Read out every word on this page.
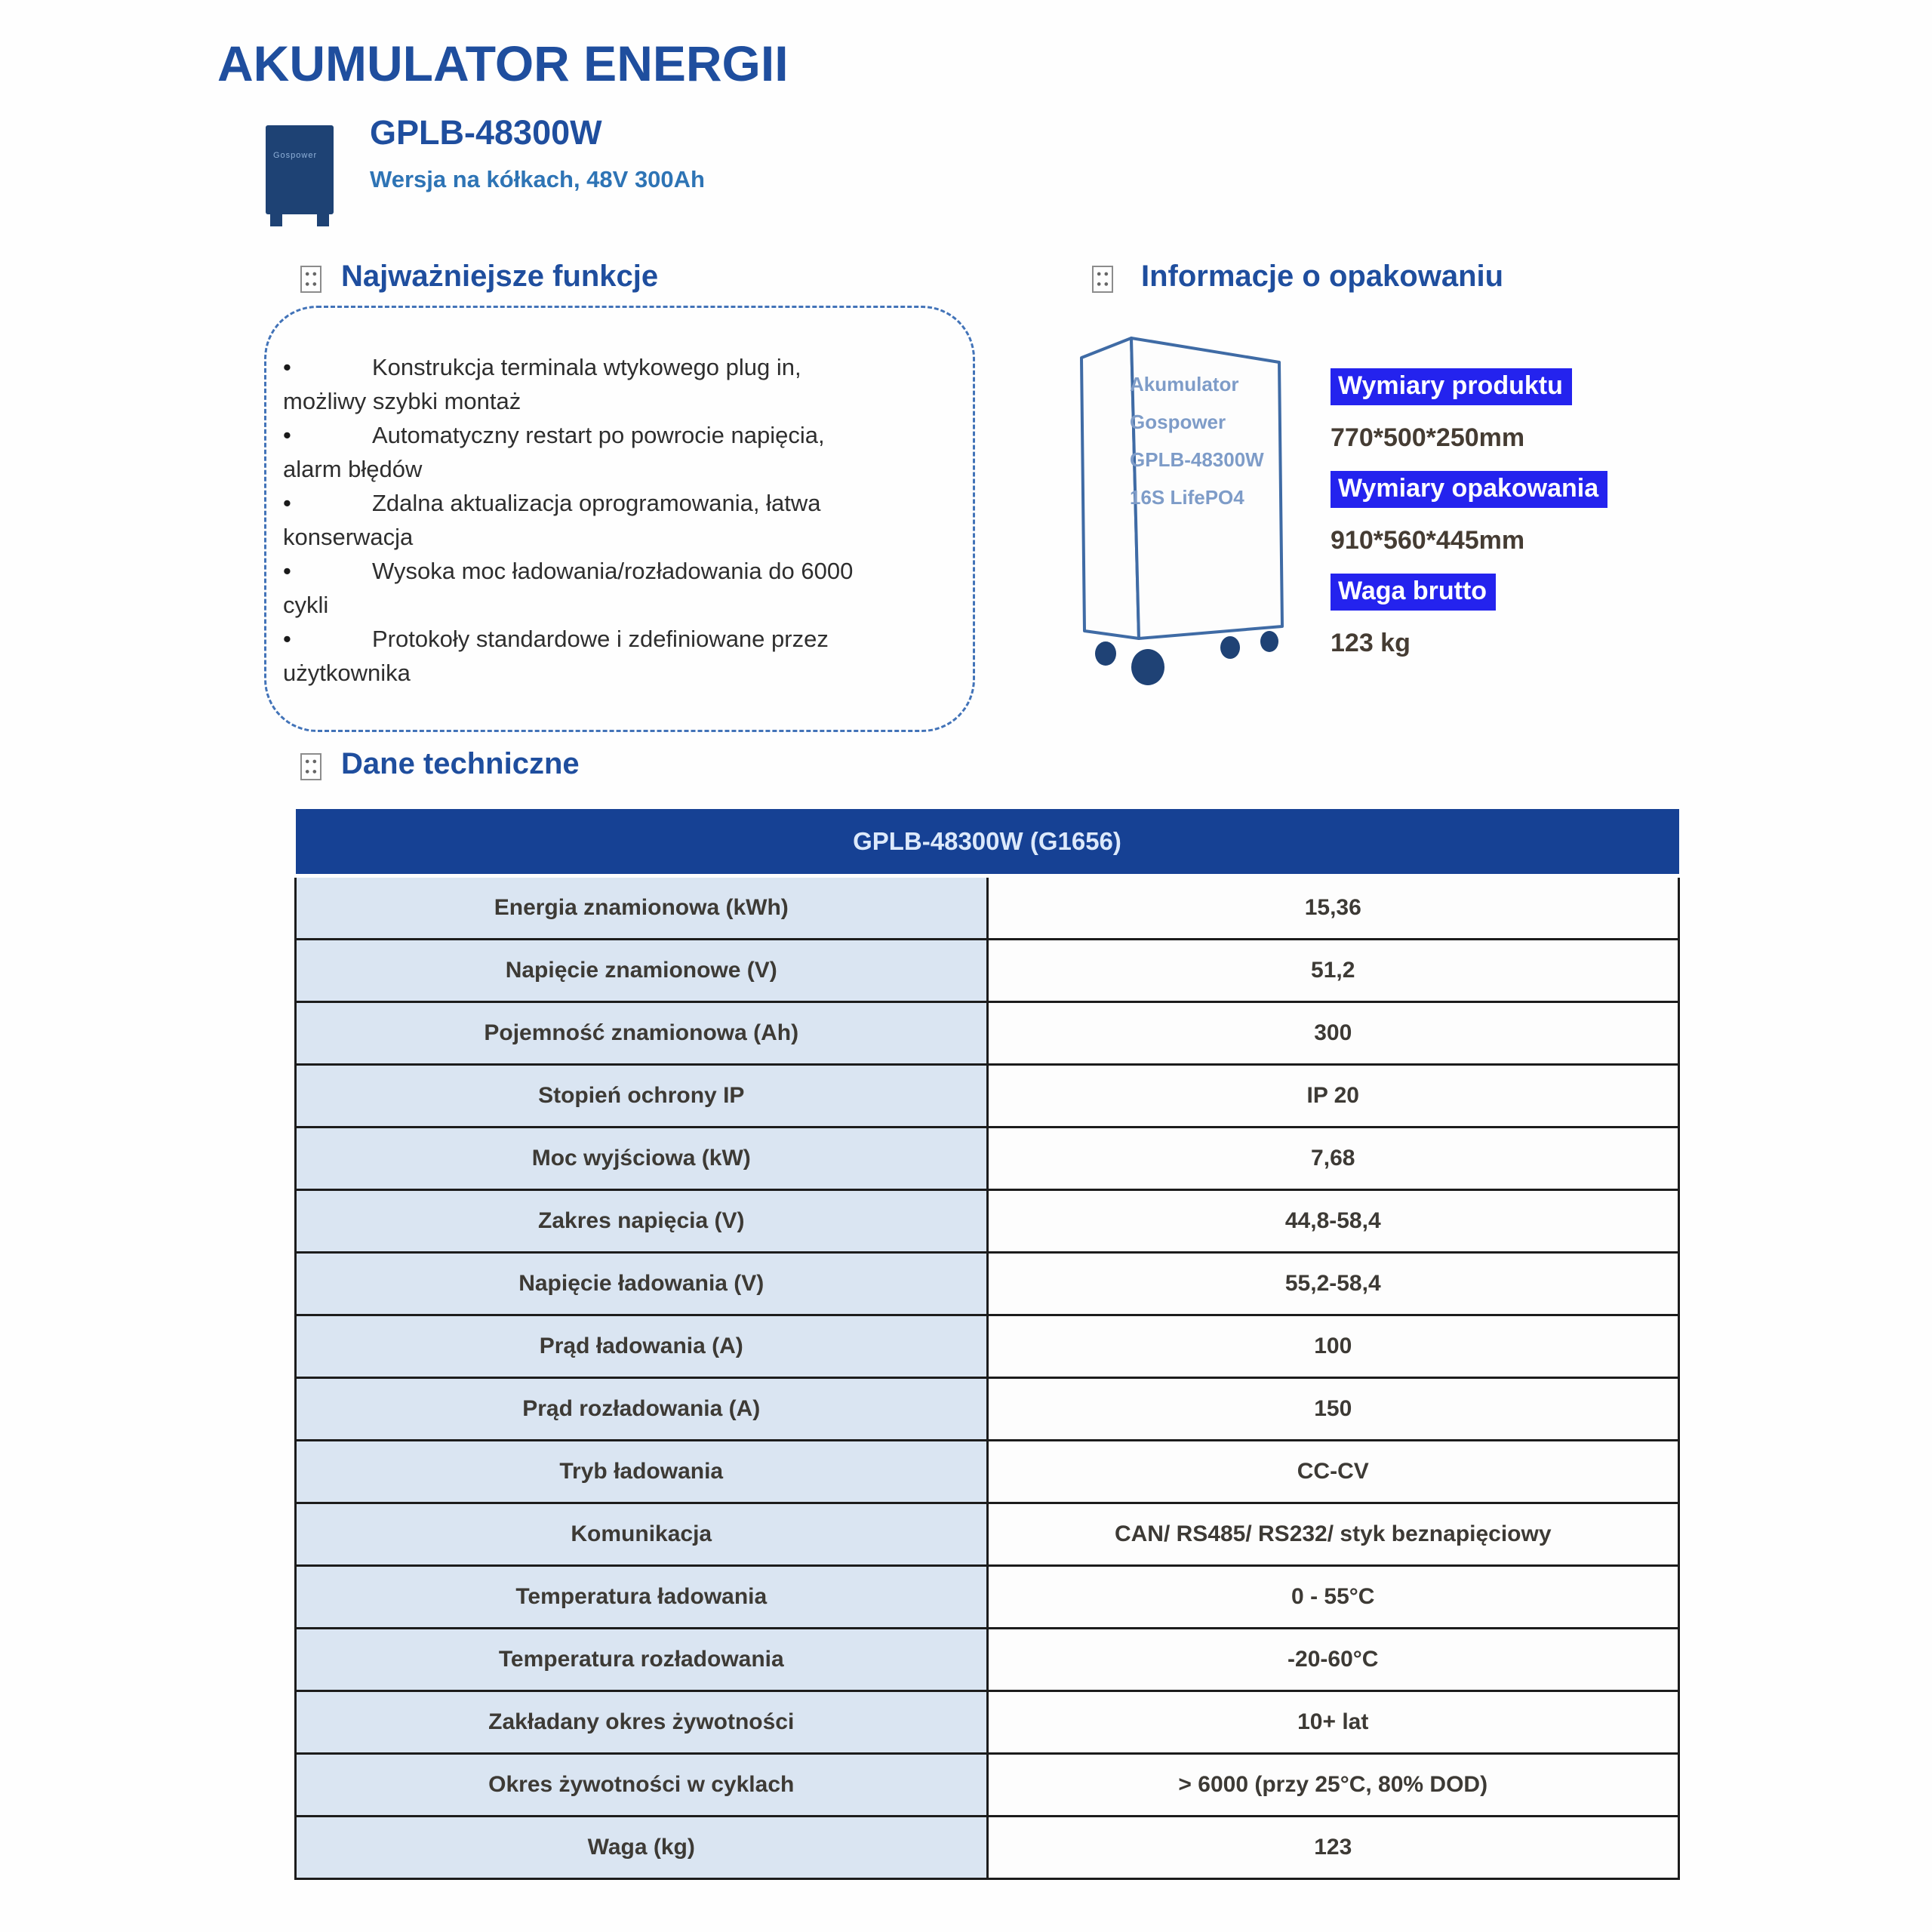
AKUMULATOR ENERGII
Gospower
GPLB-48300W
Wersja na kółkach, 48V 300Ah
Najważniejsze funkcje	Informacje o opakowaniu
•	Konstrukcja terminala wtykowego plug in,
możliwy szybki montaż
•	Automatyczny restart po powrocie napięcia,
alarm błędów
•	Zdalna aktualizacja oprogramowania, łatwa
konserwacja
•	Wysoka moc ładowania/rozładowania do 6000
cykli
•	Protokoły standardowe i zdefiniowane przez
użytkownika
Akumulator
Gospower
GPLB-48300W
16S LifePO4
Wymiary produktu
770*500*250mm
Wymiary opakowania
910*560*445mm
Waga brutto
123 kg
Dane techniczne
GPLB-48300W (G1656)	
Energia znamionowa (kWh)	15,36
Napięcie znamionowe (V)	51,2
Pojemność znamionowa (Ah)	300
Stopień ochrony IP	IP 20
Moc wyjściowa (kW)	7,68
Zakres napięcia (V)	44,8-58,4
Napięcie ładowania (V)	55,2-58,4
Prąd ładowania (A)	100
Prąd rozładowania (A)	150
Tryb ładowania	CC-CV
Komunikacja	CAN/ RS485/ RS232/ styk beznapięciowy
Temperatura ładowania	0 - 55°C
Temperatura rozładowania	-20-60°C
Zakładany okres żywotności	10+ lat
Okres żywotności w cyklach	> 6000 (przy 25°C, 80% DOD)
Waga (kg)	123
